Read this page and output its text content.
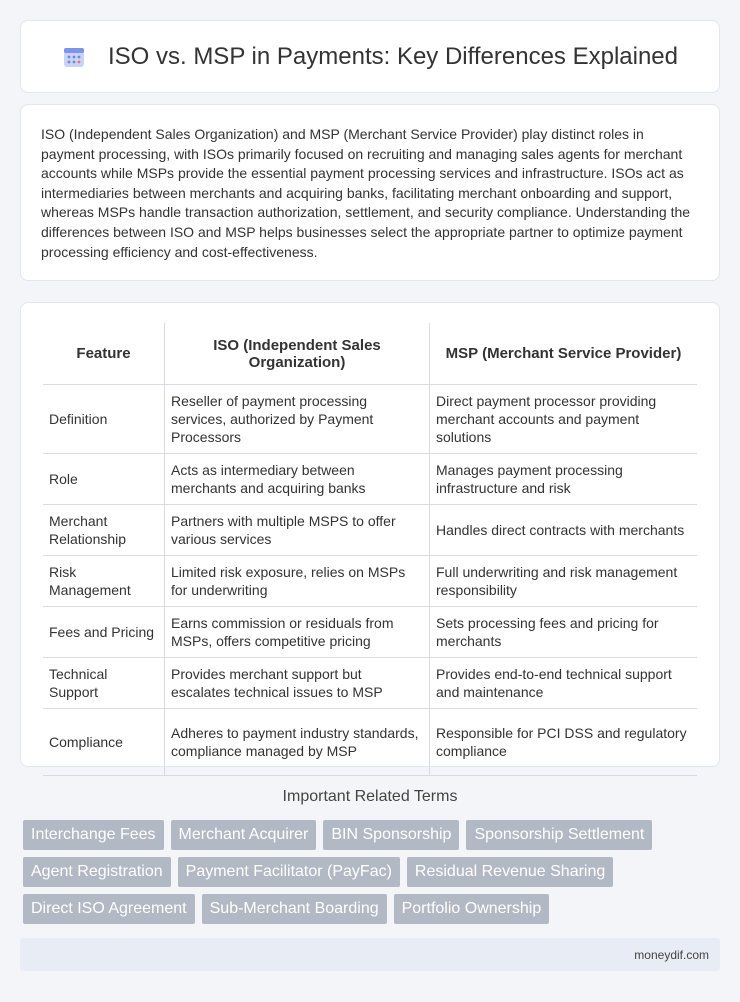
ISO vs. MSP in Payments: Key Differences Explained

ISO (Independent Sales Organization) and MSP (Merchant Service Provider) play distinct roles in payment processing, with ISOs primarily focused on recruiting and managing sales agents for merchant accounts while MSPs provide the essential payment processing services and infrastructure. ISOs act as intermediaries between merchants and acquiring banks, facilitating merchant onboarding and support, whereas MSPs handle transaction authorization, settlement, and security compliance. Understanding the differences between ISO and MSP helps businesses select the appropriate partner to optimize payment processing efficiency and cost-effectiveness.

Feature	ISO (Independent Sales Organization)	MSP (Merchant Service Provider)
Definition	Reseller of payment processing services, authorized by Payment Processors	Direct payment processor providing merchant accounts and payment solutions
Role	Acts as intermediary between merchants and acquiring banks	Manages payment processing infrastructure and risk
Merchant Relationship	Partners with multiple MSPS to offer various services	Handles direct contracts with merchants
Risk Management	Limited risk exposure, relies on MSPs for underwriting	Full underwriting and risk management responsibility
Fees and Pricing	Earns commission or residuals from MSPs, offers competitive pricing	Sets processing fees and pricing for merchants
Technical Support	Provides merchant support but escalates technical issues to MSP	Provides end-to-end technical support and maintenance
Compliance	Adheres to payment industry standards, compliance managed by MSP	Responsible for PCI DSS and regulatory compliance
Important Related Terms
Interchange Fees	Merchant Acquirer	BIN Sponsorship	Sponsorship Settlement
Agent Registration	Payment Facilitator (PayFac)	Residual Revenue Sharing
Direct ISO Agreement	Sub-Merchant Boarding	Portfolio Ownership
moneydif.com
